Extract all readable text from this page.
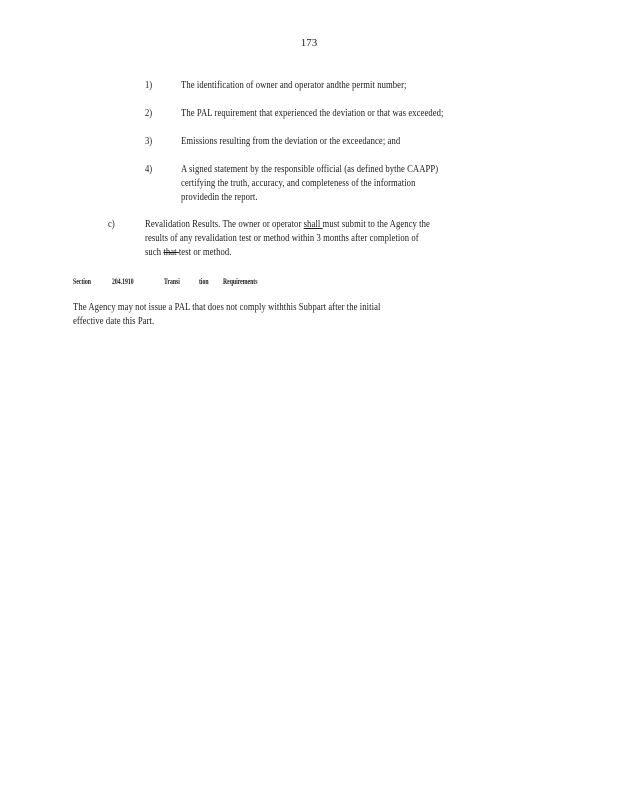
173
1)	The identification of owner and operator andthe permit number;
2)	The PAL requirement that experienced the deviation or that was exceeded;
3)	Emissions resulting from the deviation or the exceedance; and
4)	A signed statement by the responsible official (as defined bythe CAAPP)
certifying the truth, accuracy, and completeness of the information
providedin the report.
c)	Revalidation Results. The owner or operator shall must submit to the Agency the
results of any revalidation test or method within 3 months after completion of
such that test or method.
Section	204.1910	Transi tion Requirements
The Agency may not issue a PAL that does not comply withthis Subpart after the initial
effective date this Part.
